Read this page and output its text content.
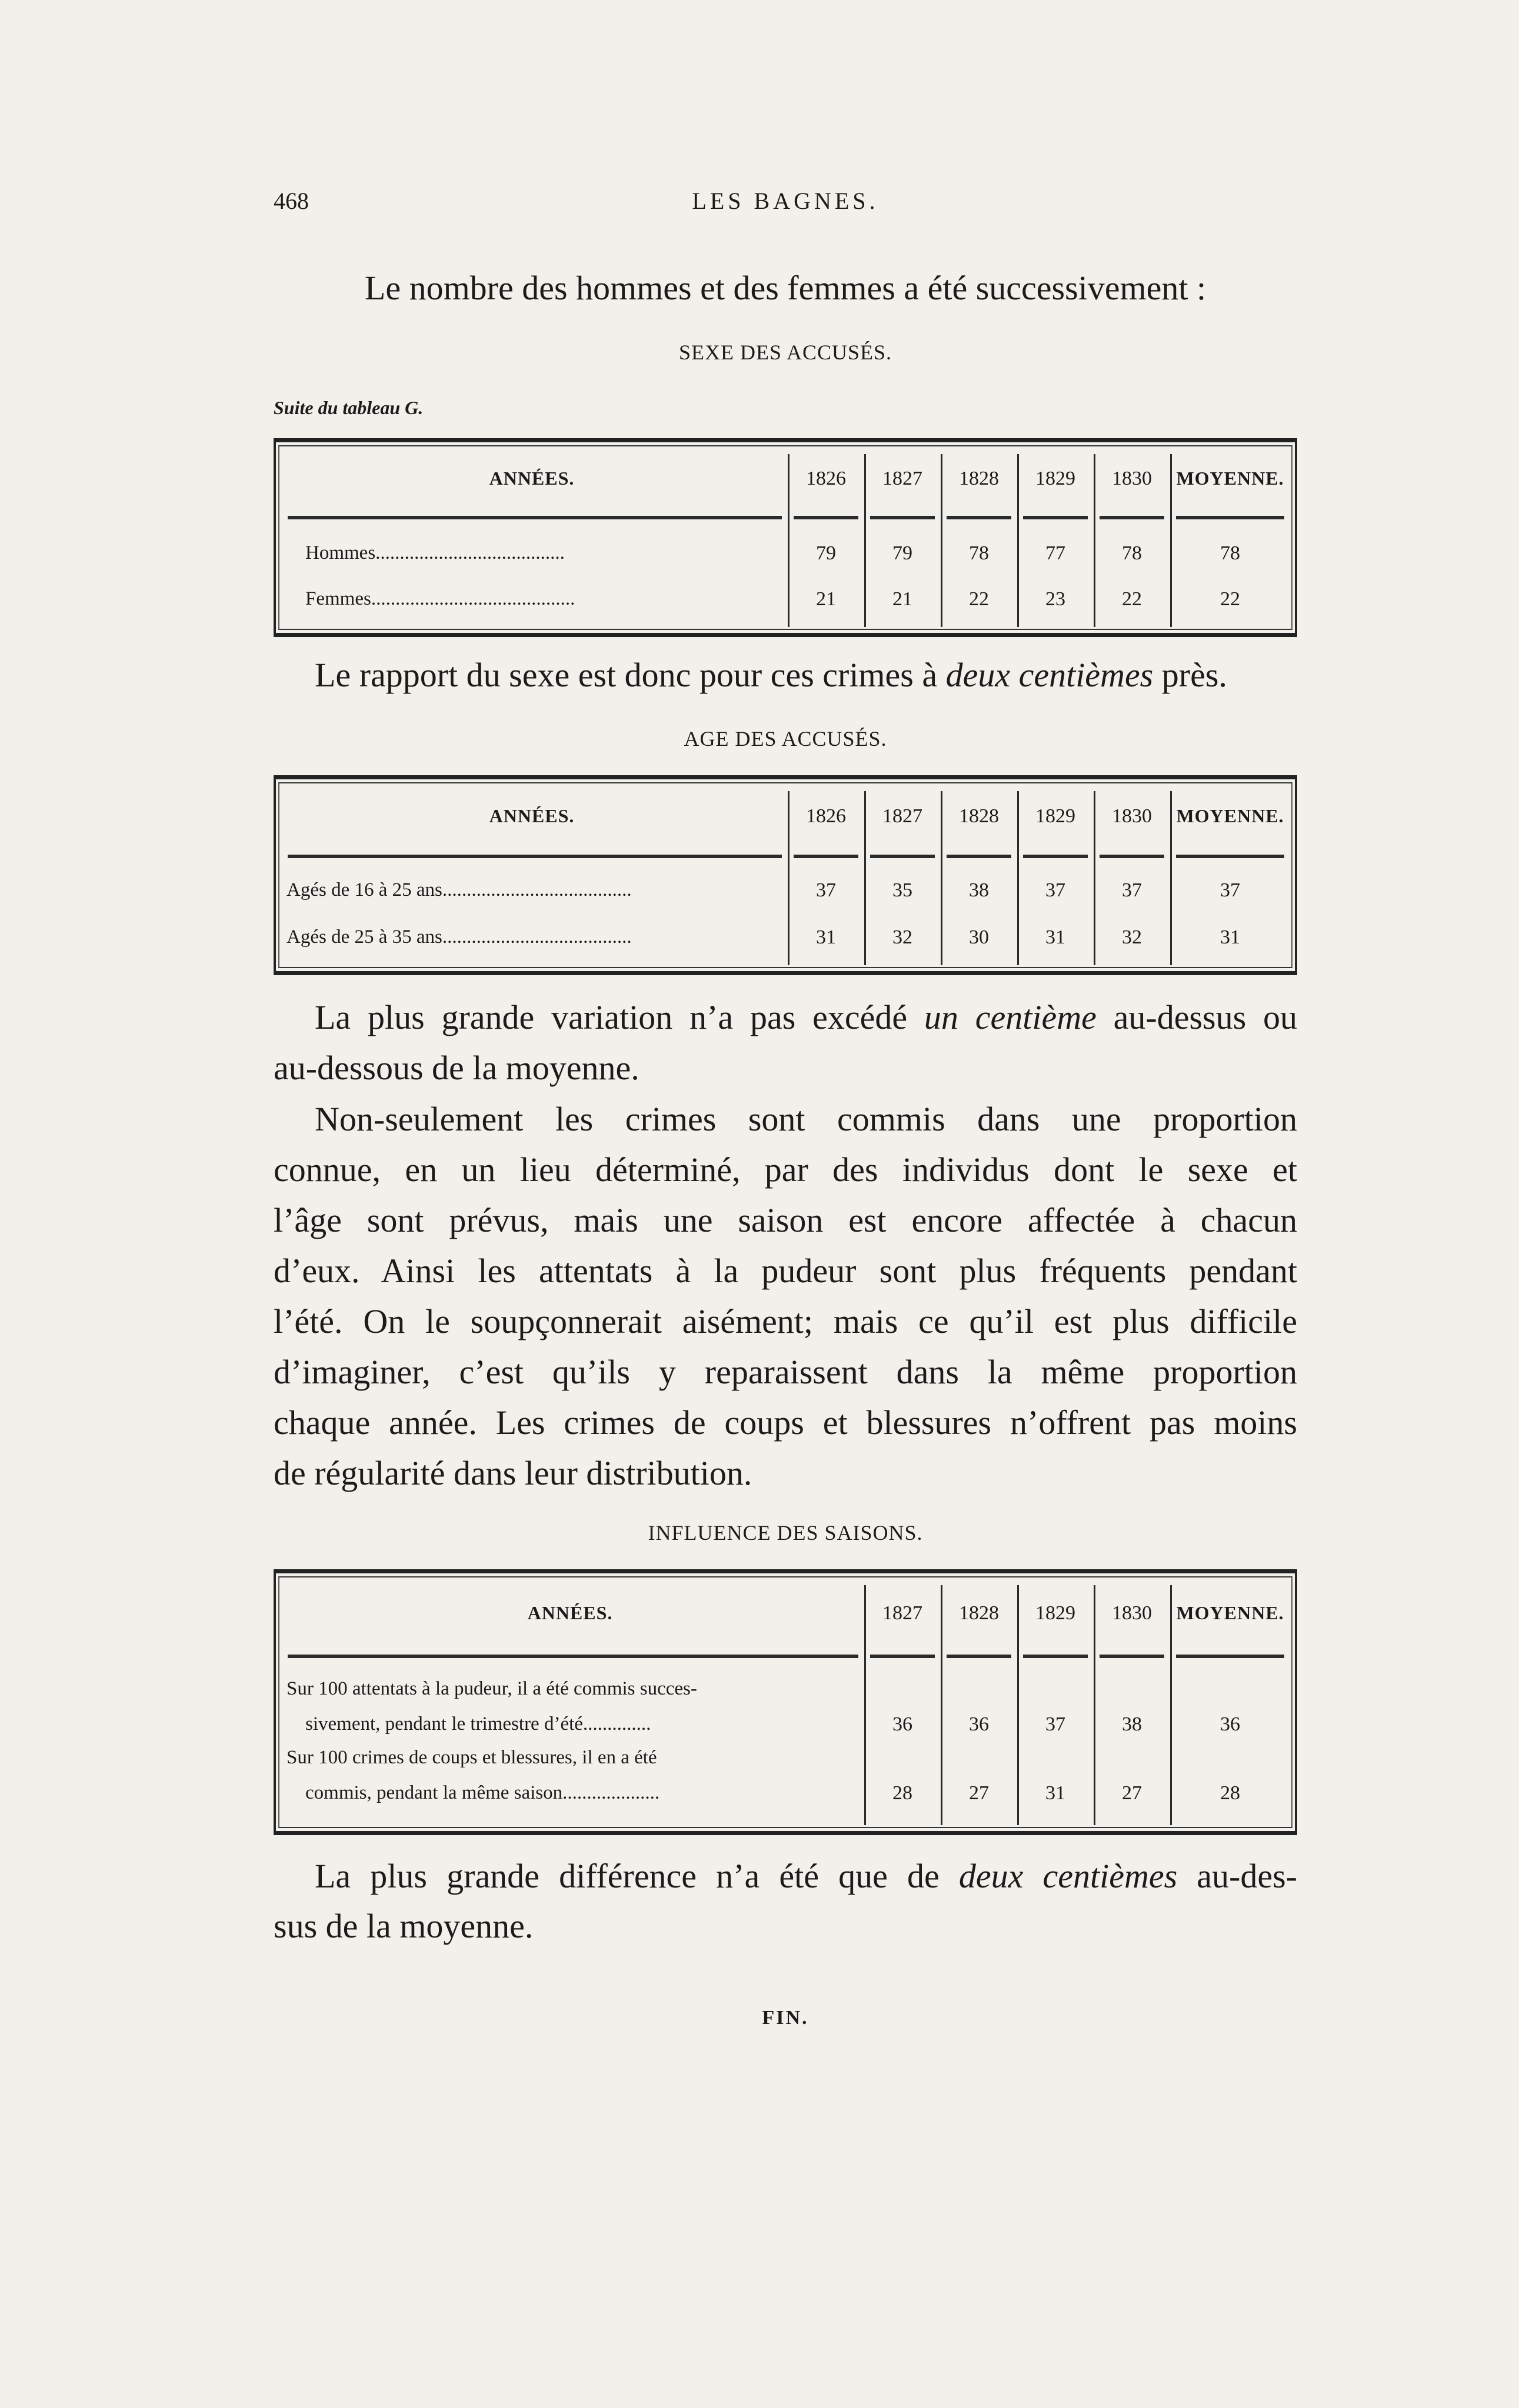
468	LES BAGNES.
Le nombre des hommes et des femmes a été successivement :
SEXE DES ACCUSÉS.
Suite du tableau G.
ANNÉES.	1826	1827	1828	1829	1830	MOYENNE.
Hommes.......................................	79	79	78	77	78	78
Femmes..........................................	21	21	22	23	22	22
Le rapport du sexe est donc pour ces crimes à deux centièmes près.
AGE DES ACCUSÉS.
ANNÉES.	1826	1827	1828	1829	1830	MOYENNE.
Agés de 16 à 25 ans.......................................	37	35	38	37	37	37
Agés de 25 à 35 ans.......................................	31	32	30	31	32	31
La plus grande variation n’a pas excédé un centième au-dessus ou
au-dessous de la moyenne.
Non-seulement les crimes sont commis dans une proportion
connue, en un lieu déterminé, par des individus dont le sexe et
l’âge sont prévus, mais une saison est encore affectée à chacun
d’eux. Ainsi les attentats à la pudeur sont plus fréquents pendant
l’été. On le soupçonnerait aisément; mais ce qu’il est plus difficile
d’imaginer, c’est qu’ils y reparaissent dans la même proportion
chaque année. Les crimes de coups et blessures n’offrent pas moins
de régularité dans leur distribution.
INFLUENCE DES SAISONS.
ANNÉES.	1827	1828	1829	1830	MOYENNE.
Sur 100 attentats à la pudeur, il a été commis succes-
sivement, pendant le trimestre d’été..............	36	36	37	38	36
Sur 100 crimes de coups et blessures, il en a été
commis, pendant la même saison....................	28	27	31	27	28
La plus grande différence n’a été que de deux centièmes au-des-
sus de la moyenne.
FIN.
